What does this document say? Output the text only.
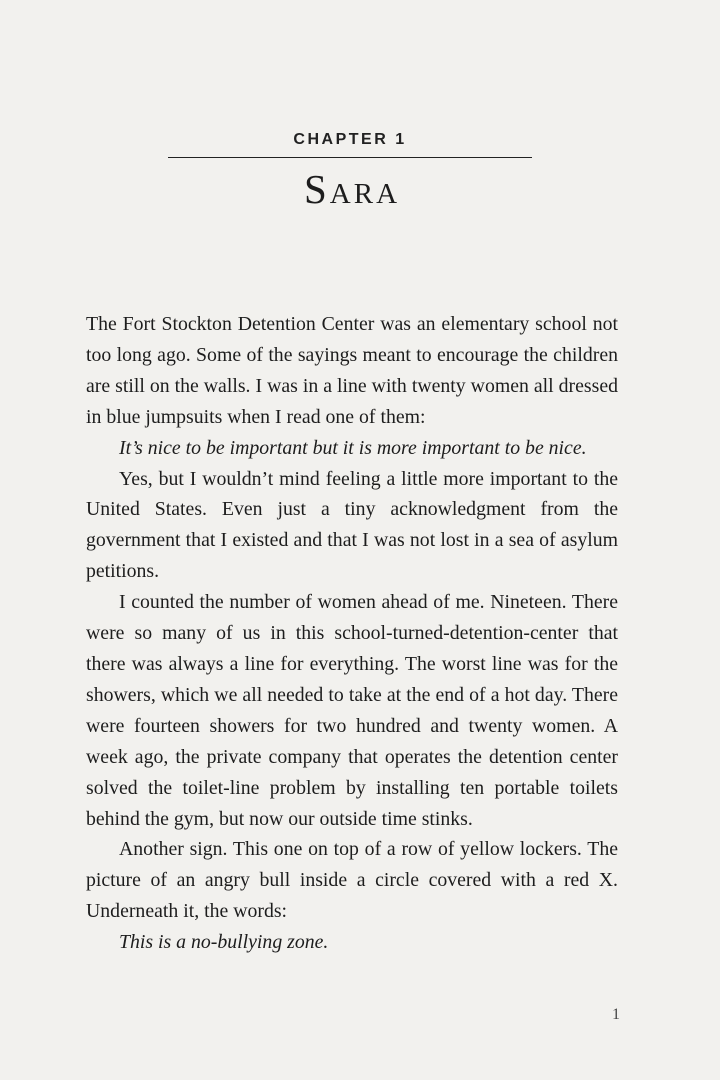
CHAPTER 1
Sara

The Fort Stockton Detention Center was an elementary school not too long ago. Some of the sayings meant to encourage the children are still on the walls. I was in a line with twenty women all dressed in blue jumpsuits when I read one of them:

It’s nice to be important but it is more important to be nice.

Yes, but I wouldn’t mind feeling a little more important to the United States. Even just a tiny acknowledgment from the government that I existed and that I was not lost in a sea of asylum petitions.

I counted the number of women ahead of me. Nineteen. There were so many of us in this school-turned-detention-center that there was always a line for everything. The worst line was for the showers, which we all needed to take at the end of a hot day. There were fourteen showers for two hundred and twenty women. A week ago, the private company that operates the detention center solved the toilet-line problem by installing ten portable toilets behind the gym, but now our outside time stinks.

Another sign. This one on top of a row of yellow lockers. The picture of an angry bull inside a circle covered with a red X. Underneath it, the words:

This is a no-bullying zone.

1
